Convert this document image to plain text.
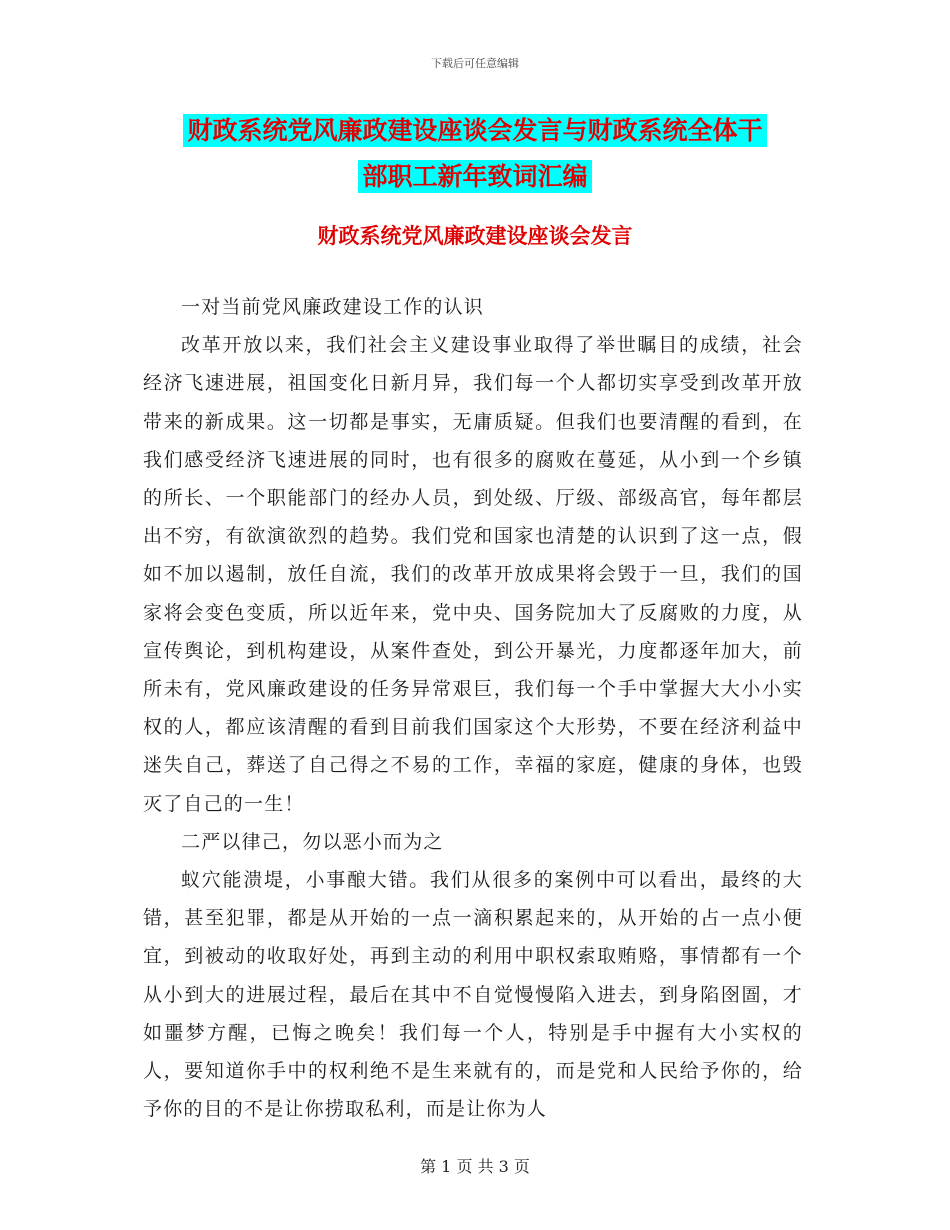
下载后可任意编辑
财政系统党风廉政建设座谈会发言与财政系统全体干
部职工新年致词汇编
财政系统党风廉政建设座谈会发言

一对当前党风廉政建设工作的认识

改革开放以来，我们社会主义建设事业取得了举世瞩目的成绩，社会经济飞速进展，祖国变化日新月异，我们每一个人都切实享受到改革开放带来的新成果。这一切都是事实，无庸质疑。但我们也要清醒的看到，在我们感受经济飞速进展的同时，也有很多的腐败在蔓延，从小到一个乡镇的所长、一个职能部门的经办人员，到处级、厅级、部级高官，每年都层出不穷，有欲演欲烈的趋势。我们党和国家也清楚的认识到了这一点，假如不加以遏制，放任自流，我们的改革开放成果将会毁于一旦，我们的国家将会变色变质，所以近年来，党中央、国务院加大了反腐败的力度，从宣传舆论，到机构建设，从案件查处，到公开暴光，力度都逐年加大，前所未有，党风廉政建设的任务异常艰巨，我们每一个手中掌握大大小小实权的人，都应该清醒的看到目前我们国家这个大形势，不要在经济利益中迷失自己，葬送了自己得之不易的工作，幸福的家庭，健康的身体，也毁灭了自己的一生！

二严以律己，勿以恶小而为之

蚁穴能溃堤，小事酿大错。我们从很多的案例中可以看出，最终的大错，甚至犯罪，都是从开始的一点一滴积累起来的，从开始的占一点小便宜，到被动的收取好处，再到主动的利用中职权索取贿赂，事情都有一个从小到大的进展过程，最后在其中不自觉慢慢陷入进去，到身陷囹圄，才如噩梦方醒，已悔之晚矣！我们每一个人，特别是手中握有大小实权的人，要知道你手中的权利绝不是生来就有的，而是党和人民给予你的，给予你的目的不是让你捞取私利，而是让你为人

第 1 页 共 3 页
